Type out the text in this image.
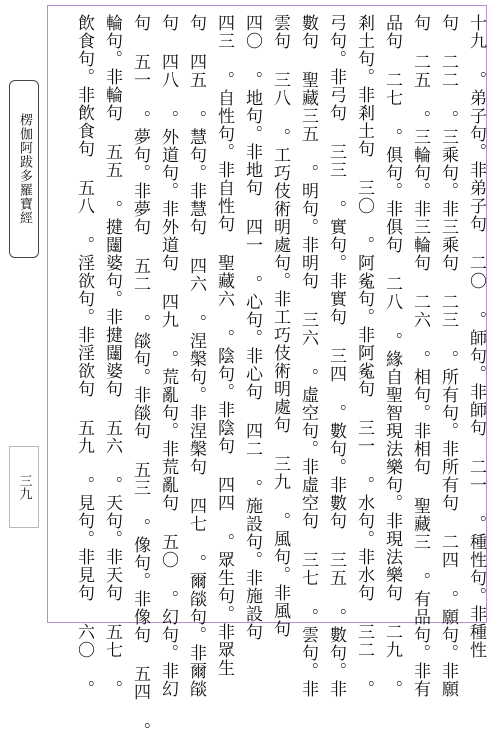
楞伽阿跋多羅寶經
三九	十九 。弟子句。非弟子句 二〇 。師句。非師句 二一 。種性句。非種性
句 二二 。三乘句。非三乘句 二三 。所有句。非所有句 二四 。願句。非願
句 二五 。三輪句。非三輪句 二六 。相句。非相句 聖藏三 。有品句。非有
品句 二七 。俱句。非俱句 二八 。緣自聖智現法樂句。非現法樂句 二九 。
剎土句。非剎土句 三〇 。阿㝹句。非阿㝹句 三一 。水句。非水句 三二 。
弓句。非弓句 三三 。實句。非實句 三四 。數句。非數句 三五 。數句。非
數句 聖藏三五 。明句。非明句 三六 。虛空句。非虛空句 三七 。雲句。非
雲句 三八 。工巧伎術明處句。非工巧伎術明處句 三九 。風句。非風句
四〇 。地句。非地句 四一 。心句。非心句 四二 。施設句。非施設句
四三 。自性句。非自性句 聖藏六 。陰句。非陰句 四四 。眾生句。非眾生
句 四五 。慧句。非慧句 四六 。涅槃句。非涅槃句 四七 。爾燄句。非爾燄
句 四八 。外道句。非外道句 四九 。荒亂句。非荒亂句 五〇 。幻句。非幻
句 五一 。夢句。非夢句 五二 。燄句。非燄句 五三 。像句。非像句 五四 。
輪句。非輪句 五五 。揵闥婆句。非揵闥婆句 五六 。天句。非天句 五七 。
飲食句。非飲食句 五八 。淫欲句。非淫欲句 五九 。見句。非見句 六〇 。
